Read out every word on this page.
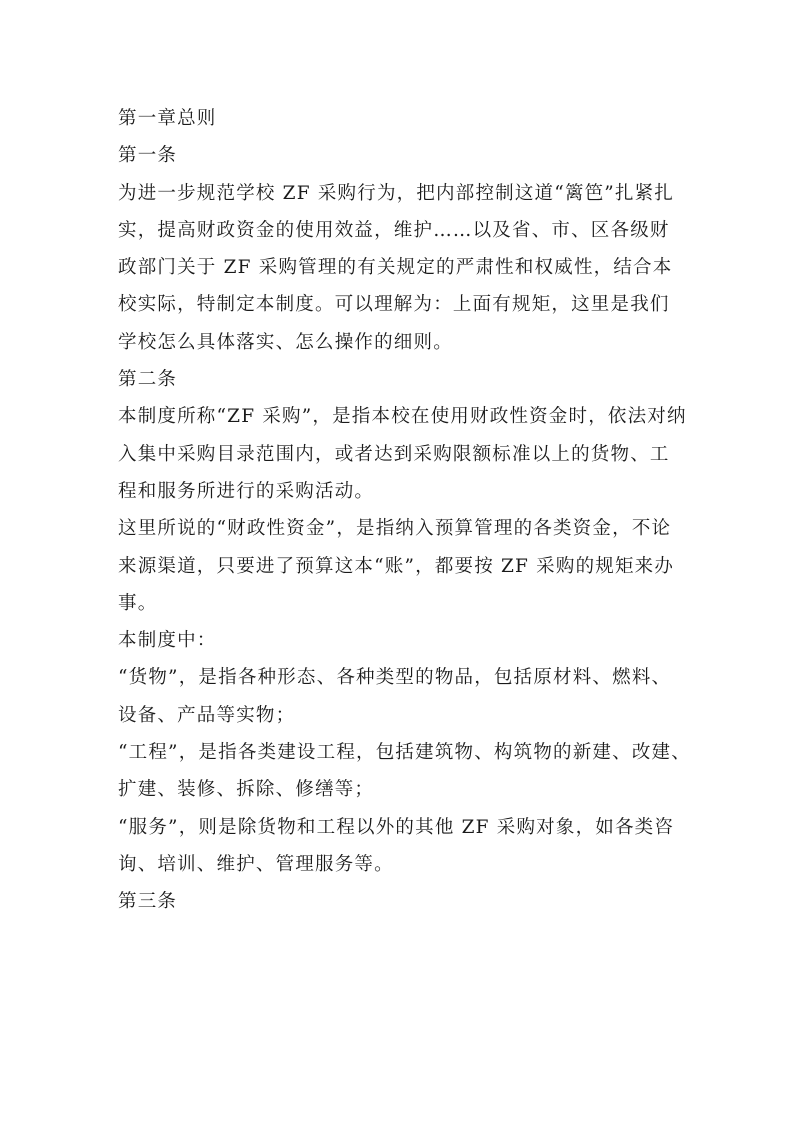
第一章总则
第一条
为进一步规范学校 ZF 采购行为，把内部控制这道“篱笆”扎紧扎
实，提高财政资金的使用效益，维护……以及省、市、区各级财
政部门关于 ZF 采购管理的有关规定的严肃性和权威性，结合本
校实际，特制定本制度。可以理解为：上面有规矩，这里是我们
学校怎么具体落实、怎么操作的细则。
第二条
本制度所称“ZF 采购”，是指本校在使用财政性资金时，依法对纳
入集中采购目录范围内，或者达到采购限额标准以上的货物、工
程和服务所进行的采购活动。
这里所说的“财政性资金”，是指纳入预算管理的各类资金，不论
来源渠道，只要进了预算这本“账”，都要按 ZF 采购的规矩来办
事。
本制度中：
“货物”，是指各种形态、各种类型的物品，包括原材料、燃料、
设备、产品等实物；
“工程”，是指各类建设工程，包括建筑物、构筑物的新建、改建、
扩建、装修、拆除、修缮等；
“服务”，则是除货物和工程以外的其他 ZF 采购对象，如各类咨
询、培训、维护、管理服务等。
第三条
